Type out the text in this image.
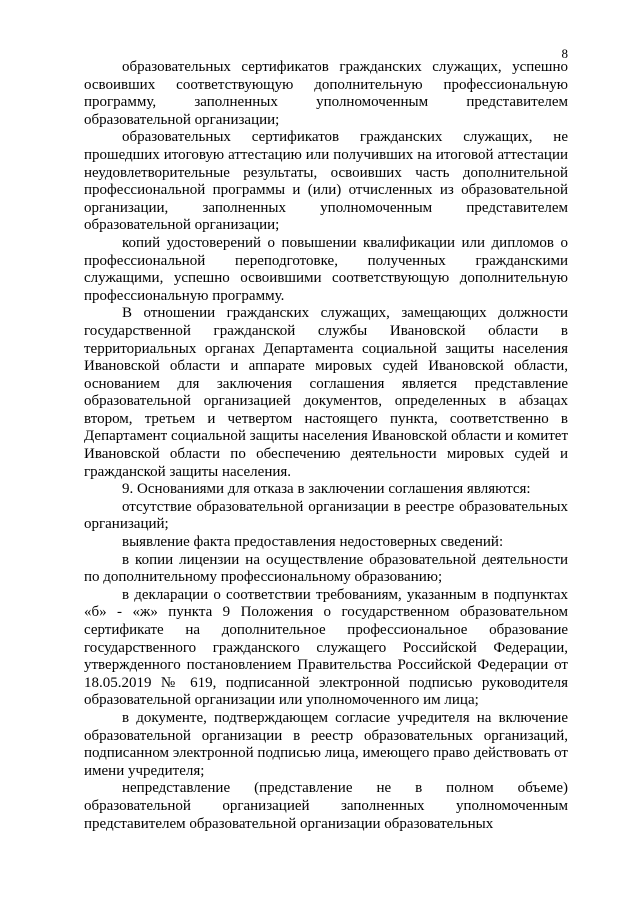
8

образовательных сертификатов гражданских служащих, успешно освоивших соответствующую дополнительную профессиональную программу, заполненных уполномоченным представителем образовательной организации;

образовательных сертификатов гражданских служащих, не прошедших итоговую аттестацию или получивших на итоговой аттестации неудовлетворительные результаты, освоивших часть дополнительной профессиональной программы и (или) отчисленных из образовательной организации, заполненных уполномоченным представителем образовательной организации;

копий удостоверений о повышении квалификации или дипломов о профессиональной переподготовке, полученных гражданскими служащими, успешно освоившими соответствующую дополнительную профессиональную программу.

В отношении гражданских служащих, замещающих должности государственной гражданской службы Ивановской области в территориальных органах Департамента социальной защиты населения Ивановской области и аппарате мировых судей Ивановской области, основанием для заключения соглашения является представление образовательной организацией документов, определенных в абзацах втором, третьем и четвертом настоящего пункта, соответственно в Департамент социальной защиты населения Ивановской области и комитет Ивановской области по обеспечению деятельности мировых судей и гражданской защиты населения.

9. Основаниями для отказа в заключении соглашения являются:

отсутствие образовательной организации в реестре образовательных организаций;

выявление факта предоставления недостоверных сведений:

в копии лицензии на осуществление образовательной деятельности по дополнительному профессиональному образованию;

в декларации о соответствии требованиям, указанным в подпунктах «б» - «ж» пункта 9 Положения о государственном образовательном сертификате на дополнительное профессиональное образование государственного гражданского служащего Российской Федерации, утвержденного постановлением Правительства Российской Федерации от 18.05.2019 № 619, подписанной электронной подписью руководителя образовательной организации или уполномоченного им лица;

в документе, подтверждающем согласие учредителя на включение образовательной организации в реестр образовательных организаций, подписанном электронной подписью лица, имеющего право действовать от имени учредителя;

непредставление (представление не в полном объеме) образовательной организацией заполненных уполномоченным представителем образовательной организации образовательных
